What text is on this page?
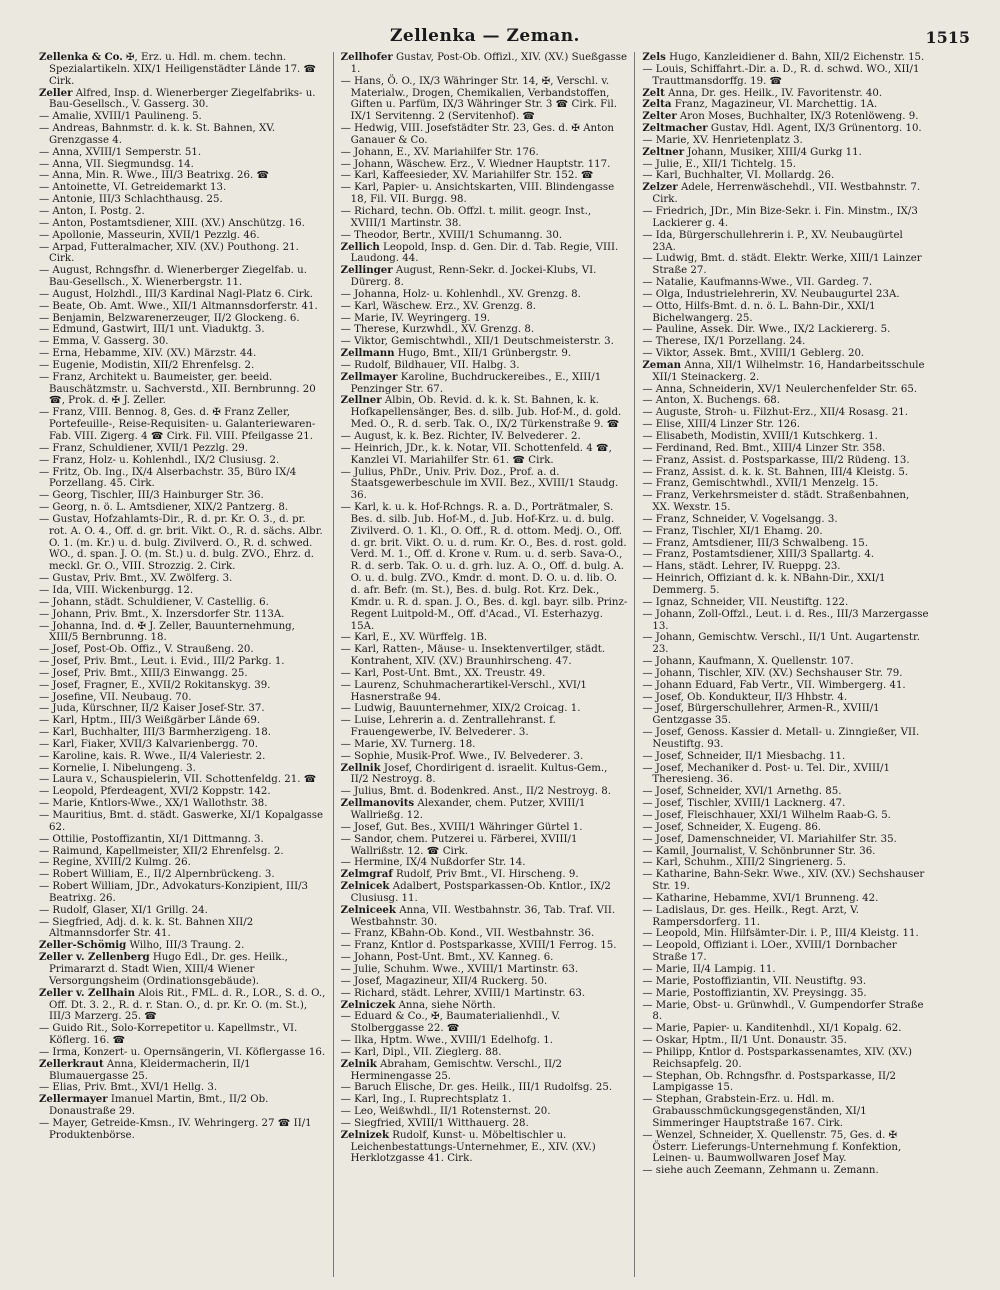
Zellenka — Zeman.	1515

Zellenka & Co. ✠, Erz. u. Hdl. m. chem. techn. Spezialartikeln. XIX/1 Heiligenstädter Lände 17. ☎ Cirk.

Zeller Alfred, Insp. d. Wienerberger Ziegelfabriks- u. Bau-Gesellsch., V. Gasserg. 30.

— Amalie, XVIII/1 Paulineng. 5.

— Andreas, Bahnmstr. d. k. k. St. Bahnen, XV. Grenzgasse 4.

— Anna, XVIII/1 Semperstr. 51.

— Anna, VII. Siegmundsg. 14.

— Anna, Min. R. Wwe., III/3 Beatrixg. 26. ☎

— Antoinette, VI. Getreidemarkt 13.

— Antonie, III/3 Schlachthausg. 25.

— Anton, I. Postg. 2.

— Anton, Postamtsdiener, XIII. (XV.) Anschützg. 16.

— Apollonie, Masseurin, XVII/1 Pezzlg. 46.

— Arpad, Futteralmacher, XIV. (XV.) Pouthong. 21. Cirk.

— August, Rchngsfhr. d. Wienerberger Ziegelfab. u. Bau-Gesellsch., X. Wienerbergstr. 11.

— August, Holzhdl., III/3 Kardinal Nagl-Platz 6. Cirk.

— Beate, Ob. Amt. Wwe., XII/1 Altmannsdorferstr. 41.

— Benjamin, Belzwarenerzeuger, II/2 Glockeng. 6.

— Edmund, Gastwirt, III/1 unt. Viaduktg. 3.

— Emma, V. Gasserg. 30.

— Erna, Hebamme, XIV. (XV.) Märzstr. 44.

— Eugenie, Modistin, XII/2 Ehrenfelsg. 2.

— Franz, Architekt u. Baumeister, ger. beeid. Bauschätzmstr. u. Sachverstd., XII. Bernbrunng. 20 ☎, Prok. d. ✠ J. Zeller.

— Franz, VIII. Bennog. 8, Ges. d. ✠ Franz Zeller, Portefeuille-, Reise-Requisiten- u. Galanteriewaren-Fab. VIII. Zigerg. 4 ☎ Cirk. Fil. VIII. Pfeilgasse 21.

— Franz, Schuldiener, XVII/1 Pezzlg. 29.

— Franz, Holz- u. Kohlenhdl., IX/2 Clusiusg. 2.

— Fritz, Ob. Ing., IX/4 Alserbachstr. 35, Büro IX/4 Porzellang. 45. Cirk.

— Georg, Tischler, III/3 Hainburger Str. 36.

— Georg, n. ö. L. Amtsdiener, XIX/2 Pantzerg. 8.

— Gustav, Hofzahlamts-Dir., R. d. pr. Kr. O. 3., d. pr. rot. A. O. 4., Off. d. gr. brit. Vikt. O., R. d. sächs. Albr. O. 1. (m. Kr.) u. d. bulg. Zivilverd. O., R. d. schwed. WO., d. span. J. O. (m. St.) u. d. bulg. ZVO., Ehrz. d. meckl. Gr. O., VIII. Strozzig. 2. Cirk.

— Gustav, Priv. Bmt., XV. Zwölferg. 3.

— Ida, VIII. Wickenburgg. 12.

— Johann, städt. Schuldiener, V. Castellig. 6.

— Johann, Priv. Bmt., X. Inzersdorfer Str. 113A.

— Johanna, Ind. d. ✠ J. Zeller, Bauunternehmung, XIII/5 Bernbrunng. 18.

— Josef, Post-Ob. Offiz., V. Straußeng. 20.

— Josef, Priv. Bmt., Leut. i. Evid., III/2 Parkg. 1.

— Josef, Priv. Bmt., XIII/3 Einwangg. 25.

— Josef, Fragner, E., XVII/2 Rokitanskyg. 39.

— Josefine, VII. Neubaug. 70.

— Juda, Kürschner, II/2 Kaiser Josef-Str. 37.

— Karl, Hptm., III/3 Weißgärber Lände 69.

— Karl, Buchhalter, III/3 Barmherzigeng. 18.

— Karl, Fiaker, XVII/3 Kalvarienbergg. 70.

— Karoline, kais. R. Wwe., II/4 Valeriestr. 2.

— Kornelie, I. Nibelungeng. 3.

— Laura v., Schauspielerin, VII. Schottenfeldg. 21. ☎

— Leopold, Pferdeagent, XVI/2 Koppstr. 142.

— Marie, Kntlors-Wwe., XX/1 Wallothstr. 38.

— Mauritius, Bmt. d. städt. Gaswerke, XI/1 Kopalgasse 62.

— Ottilie, Postoffizantin, XI/1 Dittmanng. 3.

— Raimund, Kapellmeister, XII/2 Ehrenfelsg. 2.

— Regine, XVIII/2 Kulmg. 26.

— Robert William, E., II/2 Alpernbrückeng. 3.

— Robert William, JDr., Advokaturs-Konzipient, III/3 Beatrixg. 26.

— Rudolf, Glaser, XI/1 Grillg. 24.

— Siegfried, Adj. d. k. k. St. Bahnen XII/2 Altmannsdorfer Str. 41.

Zeller-Schömig Wilho, III/3 Traung. 2.

Zeller v. Zellenberg Hugo Edl., Dr. ges. Heilk., Primararzt d. Stadt Wien, XIII/4 Wiener Versorgungsheim (Ordinationsgebäude).

Zeller v. Zellhain Alois Rit., FML. d. R., LOR., S. d. O., Off. Dt. 3. 2., R. d. r. Stan. O., d. pr. Kr. O. (m. St.), III/3 Marzerg. 25. ☎

— Guido Rit., Solo-Korrepetitor u. Kapellmstr., VI. Köflerg. 16. ☎

— Irma, Konzert- u. Opernsängerin, VI. Köflergasse 16.

Zellerkraut Anna, Kleidermacherin, II/1 Blumauergasse 25.

— Elias, Priv. Bmt., XVI/1 Hellg. 3.

Zellermayer Imanuel Martin, Bmt., II/2 Ob. Donaustraße 29.

— Mayer, Getreide-Kmsn., IV. Wehringerg. 27 ☎ II/1 Produktenbörse.

Zellhofer Gustav, Post-Ob. Offizl., XIV. (XV.) Sueßgasse 1.

— Hans, Ö. O., IX/3 Währinger Str. 14, ✠, Verschl. v. Materialw., Drogen, Chemikalien, Verbandstoffen, Giften u. Parfüm, IX/3 Währinger Str. 3 ☎ Cirk. Fil. IX/1 Servitenng. 2 (Servitenhof). ☎

— Hedwig, VIII. Josefstädter Str. 23, Ges. d. ✠ Anton Ganauer & Co.

— Johann, E., XV. Mariahilfer Str. 176.

— Johann, Wäschew. Erz., V. Wiedner Hauptstr. 117.

— Karl, Kaffeesieder, XV. Mariahilfer Str. 152. ☎

— Karl, Papier- u. Ansichtskarten, VIII. Blindengasse 18, Fil. VII. Burgg. 98.

— Richard, techn. Ob. Offzl. t. milit. geogr. Inst., XVIII/1 Martinstr. 38.

— Theodor, Bertr., XVIII/1 Schumanng. 30.

Zellich Leopold, Insp. d. Gen. Dir. d. Tab. Regie, VIII. Laudong. 44.

Zellinger August, Renn-Sekr. d. Jockei-Klubs, VI. Dürerg. 8.

— Johanna, Holz- u. Kohlenhdl., XV. Grenzg. 8.

— Karl, Wäschew. Erz., XV. Grenzg. 8.

— Marie, IV. Weyringerg. 19.

— Therese, Kurzwhdl., XV. Grenzg. 8.

— Viktor, Gemischtwhdl., XII/1 Deutschmeisterstr. 3.

Zellmann Hugo, Bmt., XII/1 Grünbergstr. 9.

— Rudolf, Bildhauer, VII. Halbg. 3.

Zellmayer Karoline, Buchdruckereibes., E., XIII/1 Penzinger Str. 67.

Zellner Albin, Ob. Revid. d. k. k. St. Bahnen, k. k. Hofkapellensänger, Bes. d. silb. Jub. Hof-M., d. gold. Med. O., R. d. serb. Tak. O., IX/2 Türkenstraße 9. ☎

— August, k. k. Bez. Richter, IV. Belvederег. 2.

— Heinrich, JDr., k. k. Notar, VII. Schottenfeld. 4 ☎, Kanzlei VI. Mariahilfer Str. 61. ☎ Cirk.

— Julius, PhDr., Univ. Priv. Doz., Prof. a. d. Staatsgewerbeschule im XVII. Bez., XVIII/1 Staudg. 36.

— Karl, k. u. k. Hof-Rchngs. R. a. D., Porträtmaler, S. Bes. d. silb. Jub. Hof-M., d. Jub. Hof-Krz. u. d. bulg. Zivilverd. O. 1. Kl., O. Off., R. d. ottom. Medj. O., Off. d. gr. brit. Vikt. O. u. d. rum. Kr. O., Bes. d. rost. gold. Verd. M. 1., Off. d. Krone v. Rum. u. d. serb. Sava-O., R. d. serb. Tak. O. u. d. grh. luz. A. O., Off. d. bulg. A. O. u. d. bulg. ZVO., Kmdr. d. mont. D. O. u. d. lib. O. d. afr. Befr. (m. St.), Bes. d. bulg. Rot. Krz. Dek., Kmdr. u. R. d. span. J. O., Bes. d. kgl. bayr. silb. Prinz-Regent Luitpold-M., Off. d'Acad., VI. Esterhazyg. 15A.

— Karl, E., XV. Würffelg. 1B.

— Karl, Ratten-, Mäuse- u. Insektenvertilger, städt. Kontrahent, XIV. (XV.) Braunhirscheng. 47.

— Karl, Post-Unt. Bmt., XX. Treustr. 49.

— Laurenz, Schuhmacherartikel-Verschl., XVI/1 Hasnerstraße 94.

— Ludwig, Bauunternehmer, XIX/2 Croicag. 1.

— Luise, Lehrerin a. d. Zentrallehranst. f. Frauengewerbe, IV. Belvederег. 3.

— Marie, XV. Turnerg. 18.

— Sophie, Musik-Prof. Wwe., IV. Belvederег. 3.

Zellnik Josef, Chordirigent d. israelit. Kultus-Gem., II/2 Nestroyg. 8.

— Julius, Bmt. d. Bodenkred. Anst., II/2 Nestroyg. 8.

Zellmanovits Alexander, chem. Putzer, XVIII/1 Wallrießg. 12.

— Josef, Gut. Bes., XVIII/1 Währinger Gürtel 1.

— Sandor, chem. Putzerei u. Färberei, XVIII/1 Wallrißstr. 12. ☎ Cirk.

— Hermine, IX/4 Nußdorfer Str. 14.

Zelmgraf Rudolf, Priv Bmt., VI. Hirscheng. 9.

Zelnicek Adalbert, Postsparkassen-Ob. Kntlor., IX/2 Clusiusg. 11.

Zelniceek Anna, VII. Westbahnstr. 36, Tab. Traf. VII. Westbahnstr. 30.

— Franz, KBahn-Ob. Kond., VII. Westbahnstr. 36.

— Franz, Kntlor d. Postsparkasse, XVIII/1 Ferrog. 15.

— Johann, Post-Unt. Bmt., XV. Kanneg. 6.

— Julie, Schuhm. Wwe., XVIII/1 Martinstr. 63.

— Josef, Magazineur, XII/4 Ruckerg. 50.

— Richard, städt. Lehrer, XVIII/1 Martinstr. 63.

Zelniczek Anna, siehe Nörth.

— Eduard & Co., ✠, Baumaterialienhdl., V. Stolberggasse 22. ☎

— Ilka, Hptm. Wwe., XVIII/1 Edelhofg. 1.

— Karl, Dipl., VII. Zieglerg. 88.

Zelnik Abraham, Gemischtw. Verschl., II/2 Herminengasse 25.

— Baruch Elische, Dr. ges. Heilk., III/1 Rudolfsg. 25.

— Karl, Ing., I. Ruprechtsplatz 1.

— Leo, Weißwhdl., II/1 Rotensternst. 20.

— Siegfried, XVIII/1 Witthauerg. 28.

Zelnizek Rudolf, Kunst- u. Möbeltischler u. Leichenbestattungs-Unternehmer, E., XIV. (XV.) Herklotzgasse 41. Cirk.

Zels Hugo, Kanzleidiener d. Bahn, XII/2 Eichenstr. 15.

— Louis, Schiffahrt.-Dir. a. D., R. d. schwd. WO., XII/1 Trauttmansdorffg. 19. ☎

Zelt Anna, Dr. ges. Heilk., IV. Favoritenstr. 40.

Zelta Franz, Magazineur, VI. Marchettig. 1A.

Zelter Aron Moses, Buchhalter, IX/3 Rotenlöweng. 9.

Zeltmacher Gustav, Hdl. Agent, IX/3 Grünentorg. 10.

— Marie, XV. Henrietenplatz 3.

Zeltner Johann, Musiker, XIII/4 Gurkg 11.

— Julie, E., XII/1 Tichtelg. 15.

— Karl, Buchhalter, VI. Mollardg. 26.

Zelzer Adele, Herrenwäschehdl., VII. Westbahnstr. 7. Cirk.

— Friedrich, JDr., Min Bize-Sekr. i. Fin. Minstm., IX/3 Lackierer g. 4.

— Ida, Bürgerschullehrerin i. P., XV. Neubaugürtel 23A.

— Ludwig, Bmt. d. städt. Elektr. Werke, XIII/1 Lainzer Straße 27.

— Natalie, Kaufmanns-Wwe., VII. Gardeg. 7.

— Olga, Industrielehrerin, XV. Neubaugurtel 23A.

— Otto, Hilfs-Bmt. d. n. ö. L. Bahn-Dir., XXI/1 Bichelwangerg. 25.

— Pauline, Assek. Dir. Wwe., IX/2 Lackiererg. 5.

— Therese, IX/1 Porzellang. 24.

— Viktor, Assek. Bmt., XVIII/1 Geblerg. 20.

Zeman Anna, XII/1 Wilhelmstr. 16, Handarbeitsschule XII/1 Steinackerg. 2.

— Anna, Schneiderin, XV/1 Neulerchenfelder Str. 65.

— Anton, X. Buchengs. 68.

— Auguste, Stroh- u. Filzhut-Erz., XII/4 Rosasg. 21.

— Elise, XIII/4 Linzer Str. 126.

— Elisabeth, Modistin, XVIII/1 Kutschkerg. 1.

— Ferdinand, Red. Bmt., XIII/4 Linzer Str. 358.

— Franz, Assist. d. Postsparkasse, III/2 Rüdeng. 13.

— Franz, Assist. d. k. k. St. Bahnen, III/4 Kleistg. 5.

— Franz, Gemischtwhdl., XVII/1 Menzelg. 15.

— Franz, Verkehrsmeister d. städt. Straßenbahnen, XX. Wexstr. 15.

— Franz, Schneider, V. Vogelsangg. 3.

— Franz, Tischler, XI/1 Ehamg. 20.

— Franz, Amtsdiener, III/3 Schwalbeng. 15.

— Franz, Postamtsdiener, XIII/3 Spallartg. 4.

— Hans, städt. Lehrer, IV. Rueppg. 23.

— Heinrich, Offiziant d. k. k. NBahn-Dir., XXI/1 Demmerg. 5.

— Ignaz, Schneider, VII. Neustiftg. 122.

— Johann, Zoll-Offzl., Leut. i. d. Res., III/3 Marzergasse 13.

— Johann, Gemischtw. Verschl., II/1 Unt. Augartenstr. 23.

— Johann, Kaufmann, X. Quellenstr. 107.

— Johann, Tischler, XIV. (XV.) Sechshauser Str. 79.

— Johann Eduard, Fab Vertr., VII. Wimbergerg. 41.

— Josef, Ob. Kondukteur, II/3 Hhbstr. 4.

— Josef, Bürgerschullehrer, Armen-R., XVIII/1 Gentzgasse 35.

— Josef, Genoss. Kassier d. Metall- u. Zinngießer, VII. Neustiftg. 93.

— Josef, Schneider, II/1 Miesbachg. 11.

— Josef, Mechaniker d. Post- u. Tel. Dir., XVIII/1 Theresieng. 36.

— Josef, Schneider, XVI/1 Arnethg. 85.

— Josef, Tischler, XVIII/1 Lacknerg. 47.

— Josef, Fleischhauer, XXI/1 Wilhelm Raab-G. 5.

— Josef, Schneider, X. Eugeng. 86.

— Josef, Damenschneider, VI. Mariahilfer Str. 35.

— Kamil, Journalist, V. Schönbrunner Str. 36.

— Karl, Schuhm., XIII/2 Singrienerg. 5.

— Katharine, Bahn-Sekr. Wwe., XIV. (XV.) Sechshauser Str. 19.

— Katharine, Hebamme, XVI/1 Brunneng. 42.

— Ladislaus, Dr. ges. Heilk., Regt. Arzt, V. Rampersdorferg. 11.

— Leopold, Min. Hilfsämter-Dir. i. P., III/4 Kleistg. 11.

— Leopold, Offiziant i. LOer., XVIII/1 Dornbacher Straße 17.

— Marie, II/4 Lampig. 11.

— Marie, Postoffiziantin, VII. Neustiftg. 93.

— Marie, Postoffiziantin, XV. Preysingg. 35.

— Marie, Obst- u. Grünwhdl., V. Gumpendorfer Straße 8.

— Marie, Papier- u. Kanditenhdl., XI/1 Kopalg. 62.

— Oskar, Hptm., II/1 Unt. Donaustr. 35.

— Philipp, Kntlor d. Postsparkassenamtes, XIV. (XV.) Reichsapfelg. 20.

— Stephan, Ob. Rchngsfhr. d. Postsparkasse, II/2 Lampigasse 15.

— Stephan, Grabstein-Erz. u. Hdl. m. Grabausschmückungsgegenständen, XI/1 Simmeringer Hauptstraße 167. Cirk.

— Wenzel, Schneider, X. Quellenstr. 75, Ges. d. ✠ Österr. Lieferungs-Unternehmung f. Konfektion, Leinen- u. Baumwollwaren Josef May.

— siehe auch Zeemann, Zehmann u. Zemann.
